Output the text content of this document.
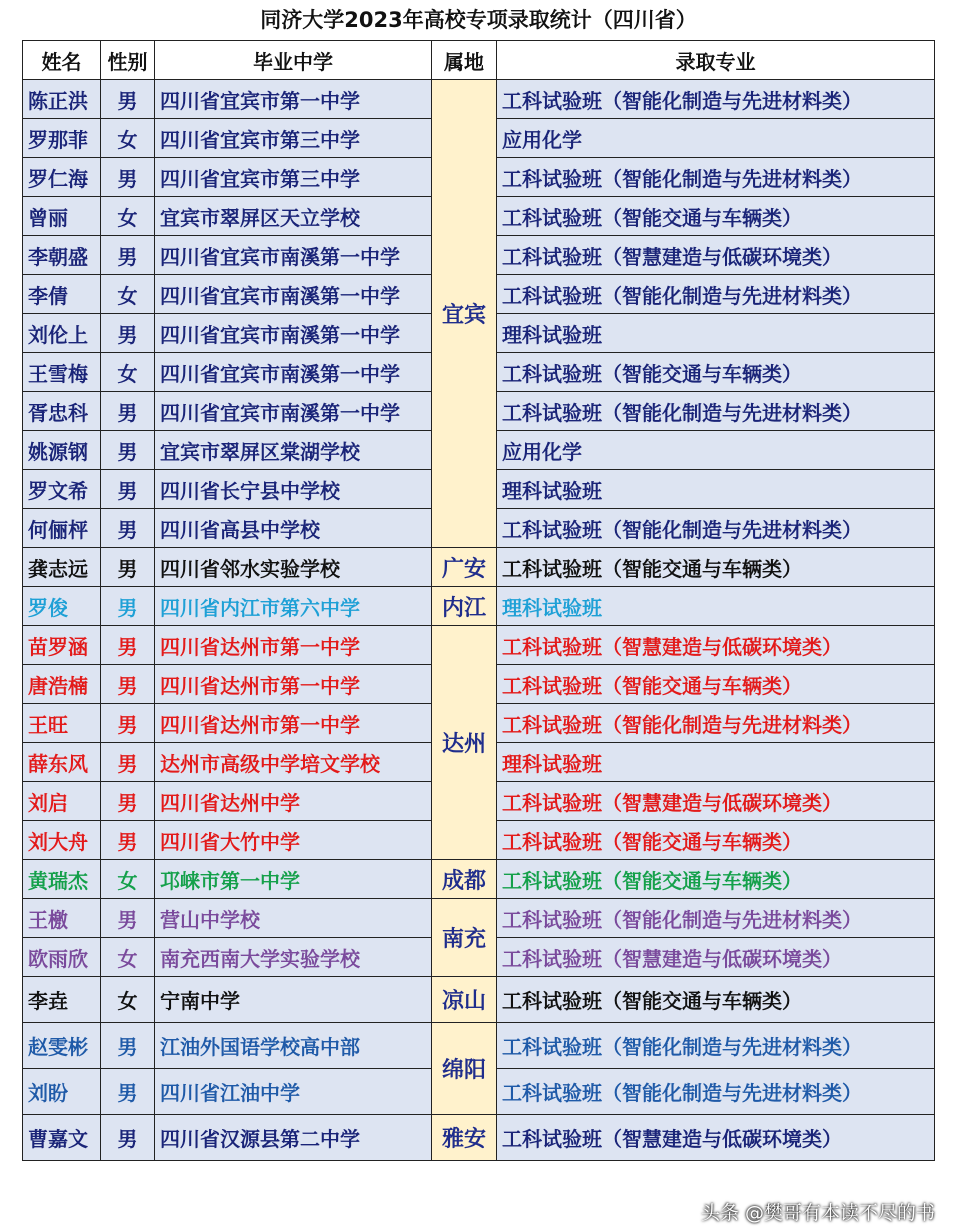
同济大学2023年高校专项录取统计（四川省）
姓名	性别	毕业中学	属地	录取专业
陈正洪	男	四川省宜宾市第一中学	宜宾	工科试验班（智能化制造与先进材料类）
罗那菲	女	四川省宜宾市第三中学		应用化学
罗仁海	男	四川省宜宾市第三中学		工科试验班（智能化制造与先进材料类）
曾丽	女	宜宾市翠屏区天立学校		工科试验班（智能交通与车辆类）
李朝盛	男	四川省宜宾市南溪第一中学		工科试验班（智慧建造与低碳环境类）
李倩	女	四川省宜宾市南溪第一中学		工科试验班（智能化制造与先进材料类）
刘伦上	男	四川省宜宾市南溪第一中学		理科试验班
王雪梅	女	四川省宜宾市南溪第一中学		工科试验班（智能交通与车辆类）
胥忠科	男	四川省宜宾市南溪第一中学		工科试验班（智能化制造与先进材料类）
姚源钢	男	宜宾市翠屏区棠湖学校		应用化学
罗文希	男	四川省长宁县中学校		理科试验班
何俪枰	男	四川省高县中学校		工科试验班（智能化制造与先进材料类）
龚志远	男	四川省邻水实验学校	广安	工科试验班（智能交通与车辆类）
罗俊	男	四川省内江市第六中学	内江	理科试验班
苗罗涵	男	四川省达州市第一中学	达州	工科试验班（智慧建造与低碳环境类）
唐浩楠	男	四川省达州市第一中学		工科试验班（智能交通与车辆类）
王旺	男	四川省达州市第一中学		工科试验班（智能化制造与先进材料类）
薛东风	男	达州市高级中学培文学校		理科试验班
刘启	男	四川省达州中学		工科试验班（智慧建造与低碳环境类）
刘大舟	男	四川省大竹中学		工科试验班（智能交通与车辆类）
黄瑞杰	女	邛崃市第一中学	成都	工科试验班（智能交通与车辆类）
王檄	男	营山中学校	南充	工科试验班（智能化制造与先进材料类）
欧雨欣	女	南充西南大学实验学校		工科试验班（智慧建造与低碳环境类）
李垚	女	宁南中学	凉山	工科试验班（智能交通与车辆类）
赵雯彬	男	江油外国语学校高中部	绵阳	工科试验班（智能化制造与先进材料类）
刘盼	男	四川省江油中学		工科试验班（智能化制造与先进材料类）
曹嘉文	男	四川省汉源县第二中学	雅安	工科试验班（智慧建造与低碳环境类）
头条 @樊哥有本读不尽的书
